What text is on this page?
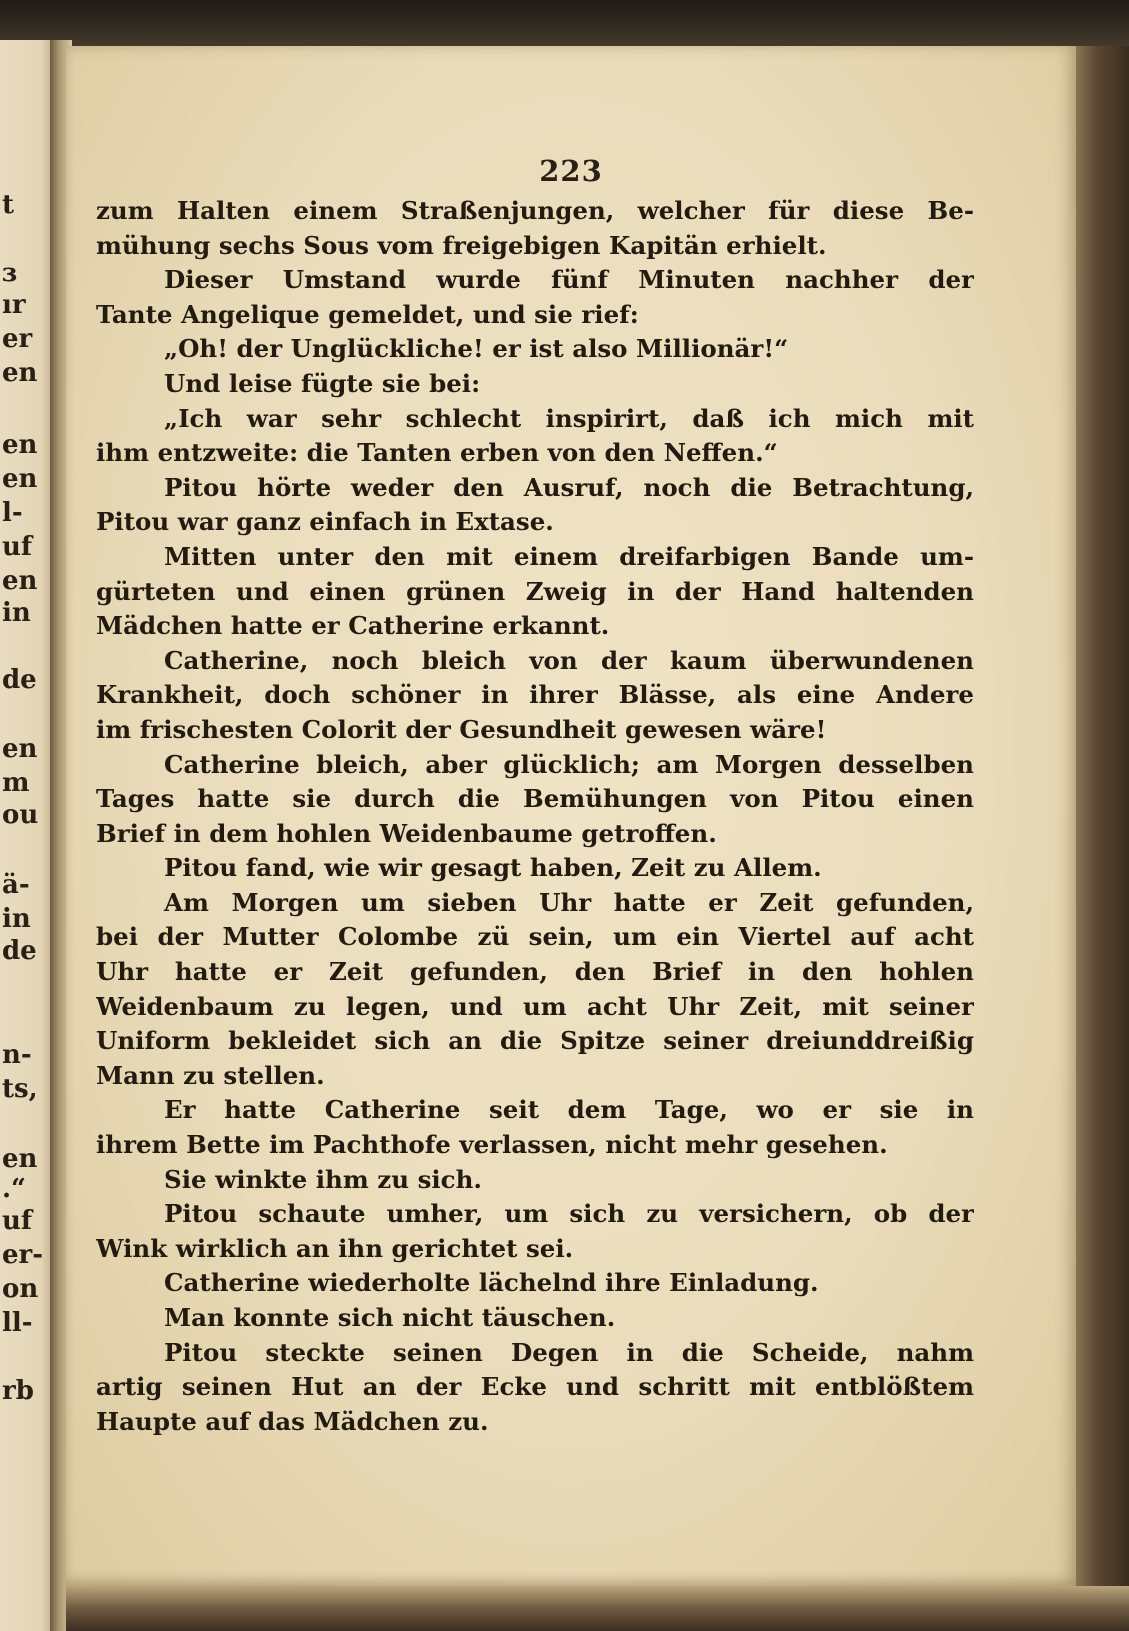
t
ɜ
ır
er
en
en
en
l-
uf
en
in
de
en
m
ou
ä-
in
de
n-
ts,
en
.“
uf
er-
on
ll-
rb
223
zum Halten einem Straßenjungen, welcher für diese Be-
mühung sechs Sous vom freigebigen Kapitän erhielt.
Dieser Umstand wurde fünf Minuten nachher der
Tante Angelique gemeldet, und sie rief:
„Oh! der Unglückliche! er ist also Millionär!“
Und leise fügte sie bei:
„Ich war sehr schlecht inspirirt, daß ich mich mit
ihm entzweite: die Tanten erben von den Neffen.“
Pitou hörte weder den Ausruf, noch die Betrachtung,
Pitou war ganz einfach in Extase.
Mitten unter den mit einem dreifarbigen Bande um-
gürteten und einen grünen Zweig in der Hand haltenden
Mädchen hatte er Catherine erkannt.
Catherine, noch bleich von der kaum überwundenen
Krankheit, doch schöner in ihrer Blässe, als eine Andere
im frischesten Colorit der Gesundheit gewesen wäre!
Catherine bleich, aber glücklich; am Morgen desselben
Tages hatte sie durch die Bemühungen von Pitou einen
Brief in dem hohlen Weidenbaume getroffen.
Pitou fand, wie wir gesagt haben, Zeit zu Allem.
Am Morgen um sieben Uhr hatte er Zeit gefunden,
bei der Mutter Colombe zü sein, um ein Viertel auf acht
Uhr hatte er Zeit gefunden, den Brief in den hohlen
Weidenbaum zu legen, und um acht Uhr Zeit, mit seiner
Uniform bekleidet sich an die Spitze seiner dreiunddreißig
Mann zu stellen.
Er hatte Catherine seit dem Tage, wo er sie in
ihrem Bette im Pachthofe verlassen, nicht mehr gesehen.
Sie winkte ihm zu sich.
Pitou schaute umher, um sich zu versichern, ob der
Wink wirklich an ihn gerichtet sei.
Catherine wiederholte lächelnd ihre Einladung.
Man konnte sich nicht täuschen.
Pitou steckte seinen Degen in die Scheide, nahm
artig seinen Hut an der Ecke und schritt mit entblößtem
Haupte auf das Mädchen zu.
